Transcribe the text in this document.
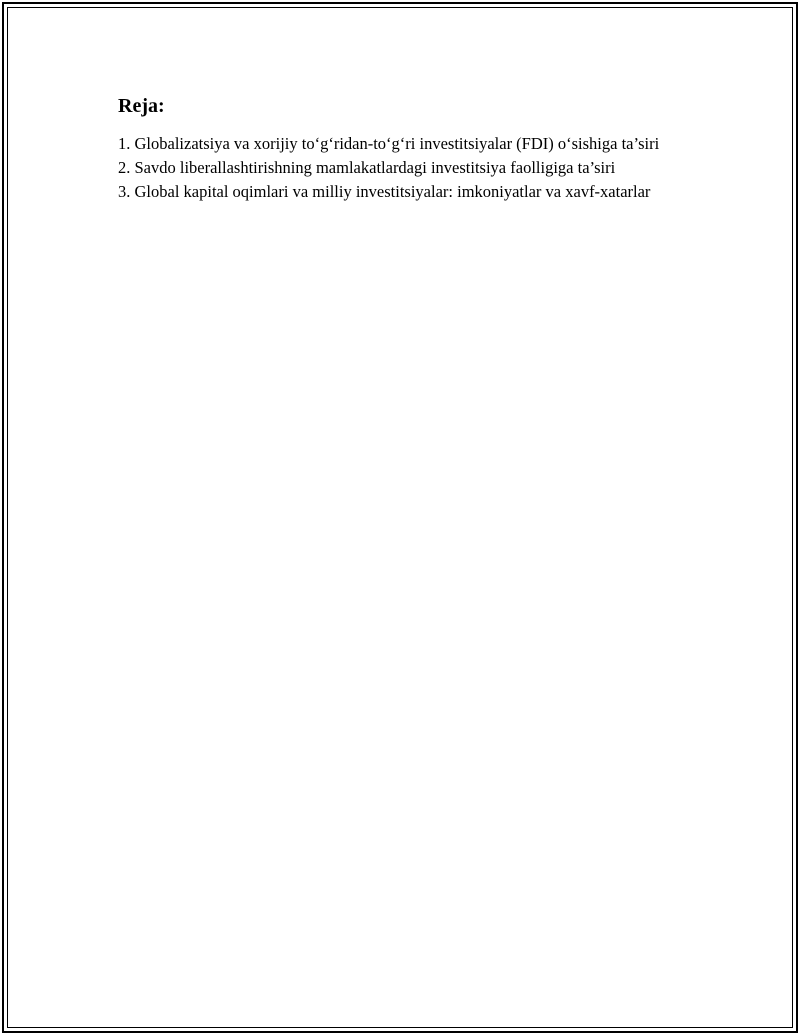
Reja:
1. Globalizatsiya va xorijiy to‘g‘ridan-to‘g‘ri investitsiyalar (FDI) o‘sishiga ta’siri
2. Savdo liberallashtirishning mamlakatlardagi investitsiya faolligiga ta’siri
3. Global kapital oqimlari va milliy investitsiyalar: imkoniyatlar va xavf-xatarlar
